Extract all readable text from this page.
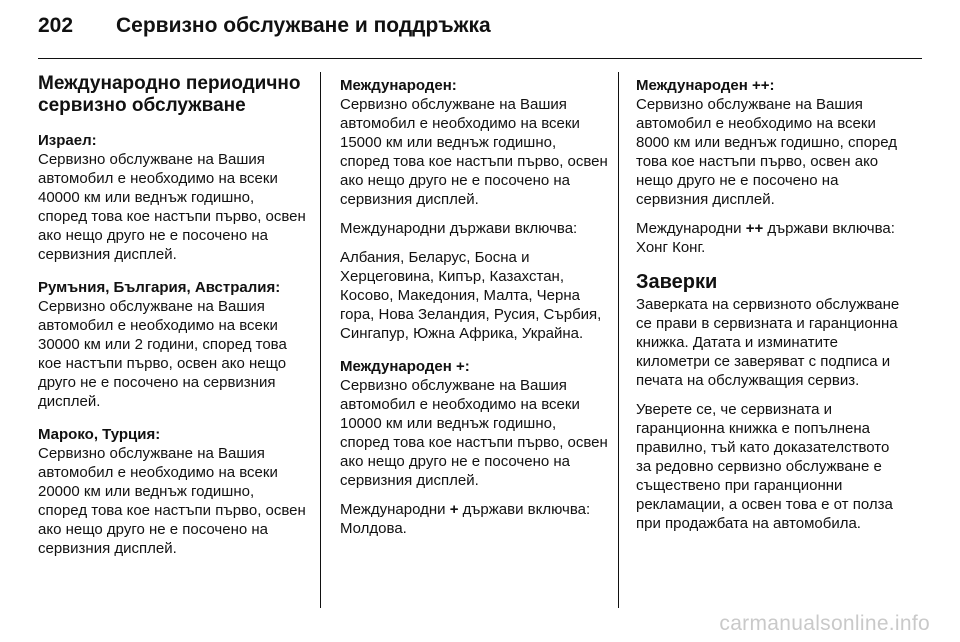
202	Сервизно обслужване и поддръжка
Международно периодично сервизно обслужване

Израел:

Сервизно обслужване на Вашия автомобил е необходимо на всеки 40000 км или веднъж годишно, според това кое настъпи първо, освен ако нещо друго не е посочено на сервизния дисплей.

Румъния, България, Австралия:

Сервизно обслужване на Вашия автомобил е необходимо на всеки 30000 км или 2 години, според това кое настъпи първо, освен ако нещо друго не е посочено на сервизния дисплей.

Мароко, Турция:

Сервизно обслужване на Вашия автомобил е необходимо на всеки 20000 км или веднъж годишно, според това кое настъпи първо, освен ако нещо друго не е посочено на сервизния дисплей.

Международен:

Сервизно обслужване на Вашия автомобил е необходимо на всеки 15000 км или веднъж годишно, според това кое настъпи първо, освен ако нещо друго не е посочено на сервизния дисплей.

Международни държави включва:

Албания, Беларус, Босна и Херцеговина, Кипър, Казахстан, Косово, Македония, Малта, Черна гора, Нова Зеландия, Русия, Сърбия, Сингапур, Южна Африка, Украйна.

Международен +:

Сервизно обслужване на Вашия автомобил е необходимо на всеки 10000 км или веднъж годишно, според това кое настъпи първо, освен ако нещо друго не е посочено на сервизния дисплей.

Международни + държави включва: Молдова.

Международен ++:

Сервизно обслужване на Вашия автомобил е необходимо на всеки 8000 км или веднъж годишно, според това кое настъпи първо, освен ако нещо друго не е посочено на сервизния дисплей.

Международни ++ държави включва: Хонг Конг.

Заверки

Заверката на сервизното обслужване се прави в сервизната и гаранционна книжка. Датата и изминатите километри се заверяват с подписа и печата на обслужващия сервиз.

Уверете се, че сервизната и гаранционна книжка е попълнена правилно, тъй като доказателството за редовно сервизно обслужване е съществено при гаранционни рекламации, а освен това е от полза при продажбата на автомобила.

carmanualsonline.info
